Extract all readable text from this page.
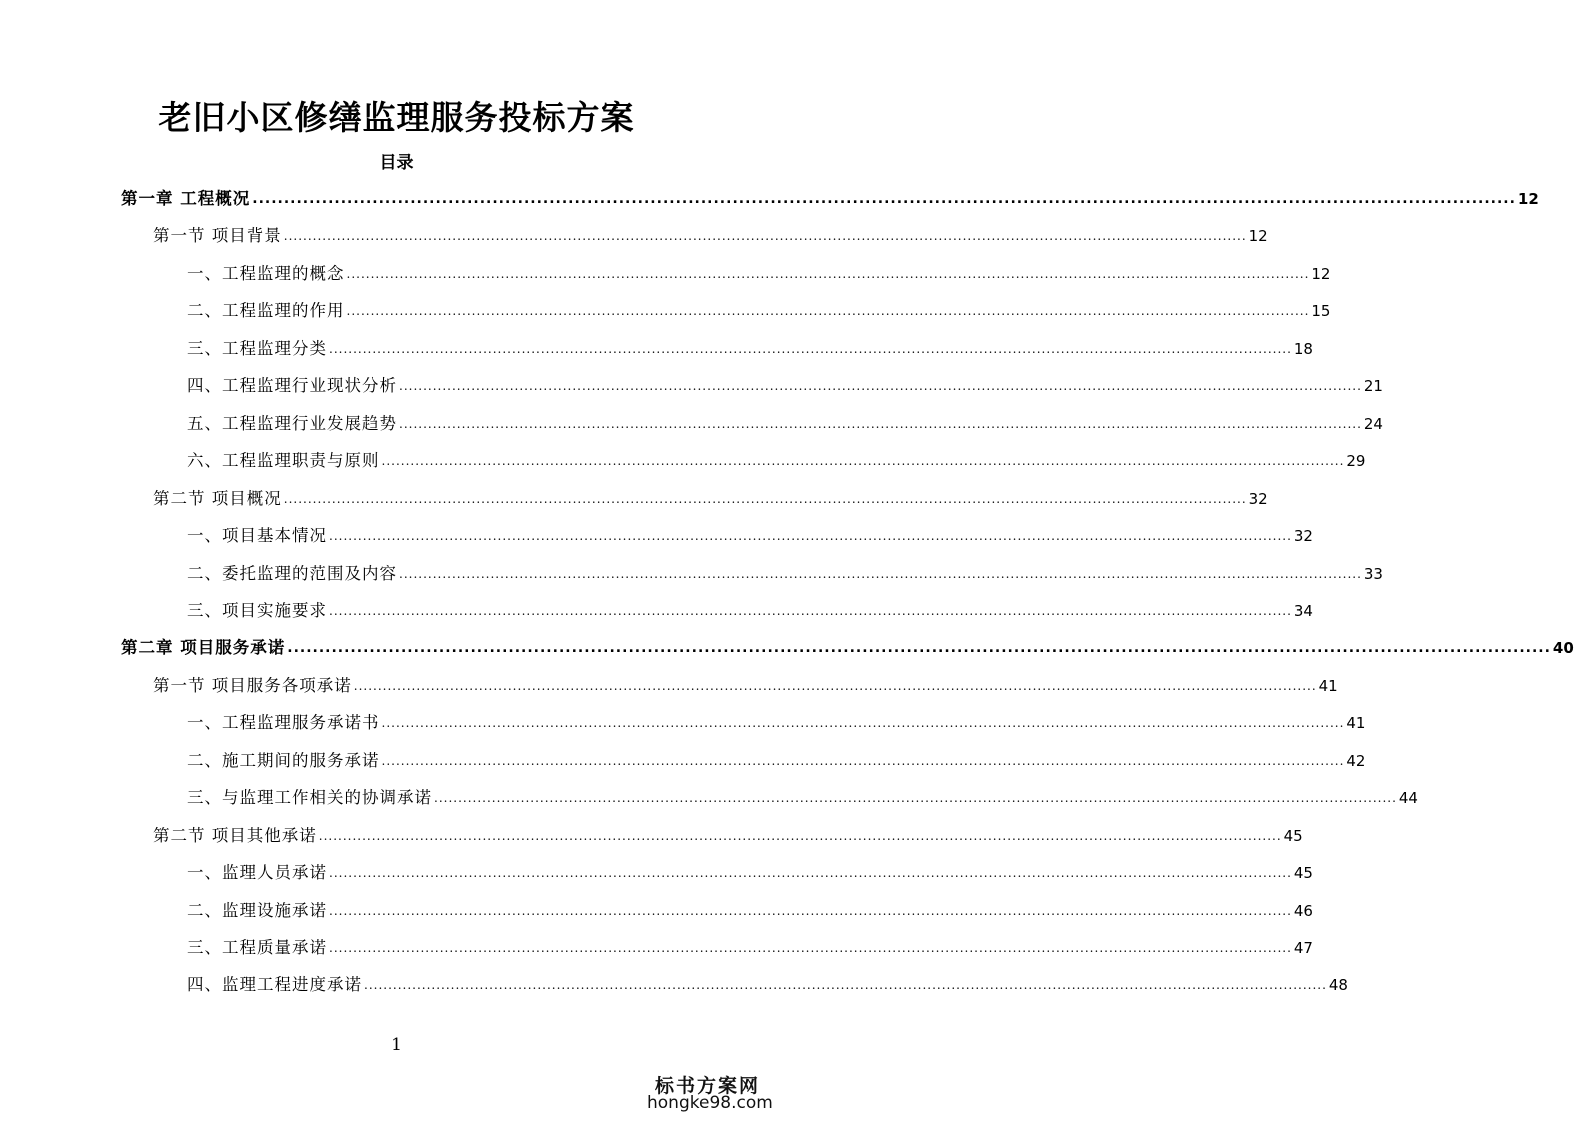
老旧小区修缮监理服务投标方案
目录
第一章 工程概况 ........................................................................................................................................................................................................ 12
第一节 项目背景 ........................................................................................................................................................................................................ 12
一、工程监理的概念 ........................................................................................................................................................................................................ 12
二、工程监理的作用 ........................................................................................................................................................................................................ 15
三、工程监理分类 ........................................................................................................................................................................................................ 18
四、工程监理行业现状分析 ........................................................................................................................................................................................................ 21
五、工程监理行业发展趋势 ........................................................................................................................................................................................................ 24
六、工程监理职责与原则 ........................................................................................................................................................................................................ 29
第二节 项目概况 ........................................................................................................................................................................................................ 32
一、项目基本情况 ........................................................................................................................................................................................................ 32
二、委托监理的范围及内容 ........................................................................................................................................................................................................ 33
三、项目实施要求 ........................................................................................................................................................................................................ 34
第二章 项目服务承诺 ........................................................................................................................................................................................................ 40
第一节 项目服务各项承诺 ........................................................................................................................................................................................................ 41
一、工程监理服务承诺书 ........................................................................................................................................................................................................ 41
二、施工期间的服务承诺 ........................................................................................................................................................................................................ 42
三、与监理工作相关的协调承诺 ........................................................................................................................................................................................................ 44
第二节 项目其他承诺 ........................................................................................................................................................................................................ 45
一、监理人员承诺 ........................................................................................................................................................................................................ 45
二、监理设施承诺 ........................................................................................................................................................................................................ 46
三、工程质量承诺 ........................................................................................................................................................................................................ 47
四、监理工程进度承诺 ........................................................................................................................................................................................................ 48
1
标书方案网
hongke98.com
